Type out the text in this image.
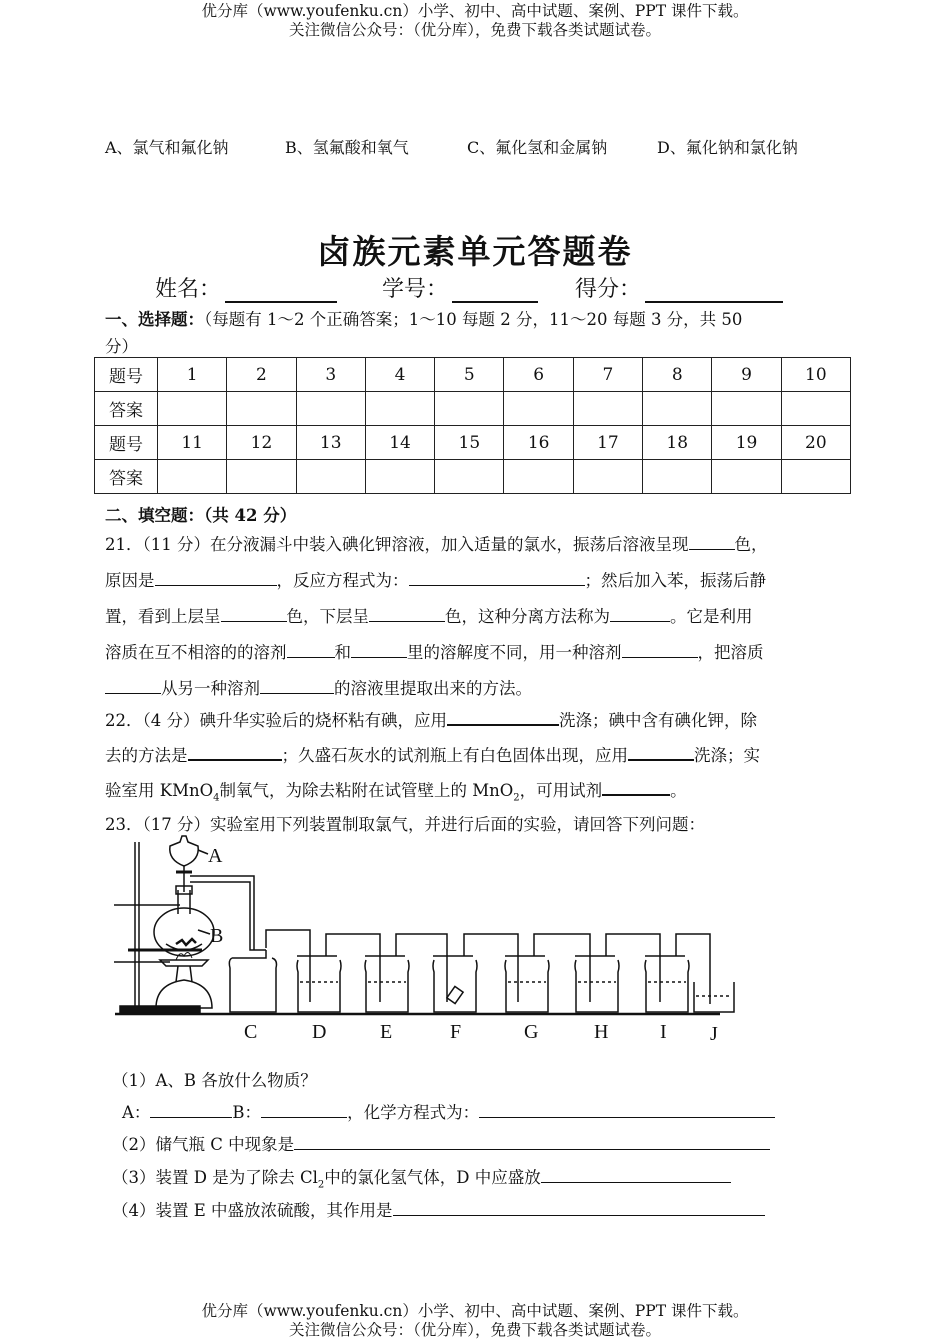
优分库（www.youfenku.cn）小学、初中、高中试题、案例、PPT 课件下载。
关注微信公众号：（优分库），免费下载各类试题试卷。
A、氯气和氟化钠	B、氢氟酸和氧气	C、氟化氢和金属钠	D、氟化钠和氯化钠
卤族元素单元答题卷
姓名：	学号：	得分：
一、选择题：（每题有 1～2 个正确答案；1～10 每题 2 分，11～20 每题 3 分，共 50
分）
题号	1	2	3	4	5	6	7	8	9	10
答案										
题号	11	12	13	14	15	16	17	18	19	20
答案										
二、填空题：（共 42 分）
21．（11 分）在分液漏斗中装入碘化钾溶液，加入适量的氯水，振荡后溶液呈现	色，
原因是	，反应方程式为：	；然后加入苯，振荡后静
置，看到上层呈	色，下层呈	色，这种分离方法称为	。它是利用
溶质在互不相溶的的溶剂	和	里的溶解度不同，用一种溶剂	，把溶质
从另一种溶剂	的溶液里提取出来的方法。
22．（4 分）碘升华实验后的烧杯粘有碘，应用	洗涤；碘中含有碘化钾，除
去的方法是	；久盛石灰水的试剂瓶上有白色固体出现，应用	洗涤；实
验室用 KMnO$_4$制氧气，为除去粘附在试管壁上的 MnO$_2$，可用试剂	。
23．（17 分）实验室用下列装置制取氯气，并进行后面的实验，请回答下列问题：
A
B
C	D	E	F	G	H	I J
（1）A、B 各放什么物质？
A：	B：	，化学方程式为：
（2）储气瓶 C 中现象是
（3）装置 D 是为了除去 $Cl_2$中的氯化氢气体，D 中应盛放
（4）装置 E 中盛放浓硫酸，其作用是
优分库（www.youfenku.cn）小学、初中、高中试题、案例、PPT 课件下载。
关注微信公众号：（优分库），免费下载各类试题试卷。
